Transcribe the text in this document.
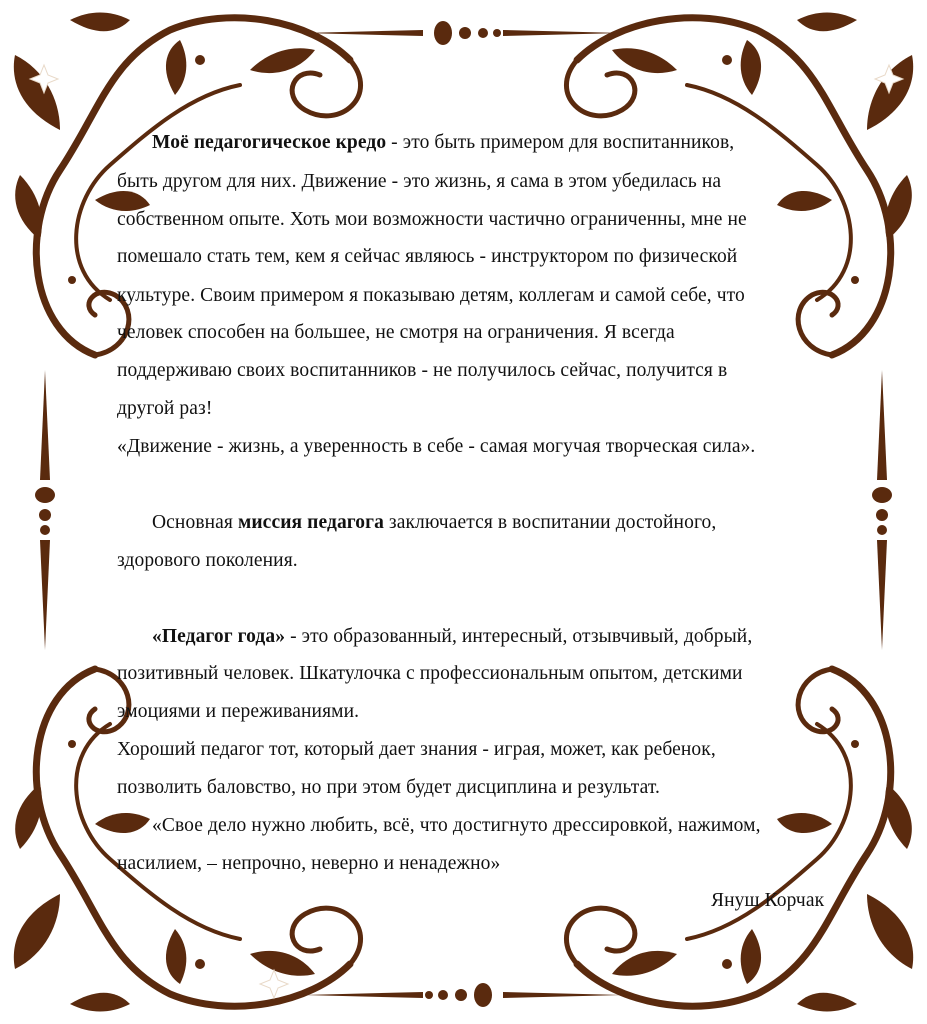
Моё педагогическое кредо - это быть примером для воспитанников,
быть другом для них. Движение - это жизнь, я сама в этом убедилась на
собственном опыте. Хоть мои возможности частично ограниченны, мне не
помешало стать тем, кем я сейчас являюсь - инструктором по физической
культуре. Своим примером я показываю детям, коллегам и самой себе, что
человек способен на большее, не смотря на ограничения. Я всегда
поддерживаю своих воспитанников - не получилось сейчас, получится в
другой раз!
«Движение - жизнь, а уверенность в себе - самая могучая творческая сила».
Основная миссия педагога заключается в воспитании достойного,
здорового поколения.
«Педагог года» - это образованный, интересный, отзывчивый, добрый,
позитивный человек. Шкатулочка с профессиональным опытом, детскими
эмоциями и переживаниями.
Хороший педагог тот, который дает знания - играя, может, как ребенок,
позволить баловство, но при этом будет дисциплина и результат.
«Свое дело нужно любить, всё, что достигнуто дрессировкой, нажимом,
насилием, – непрочно, неверно и ненадежно»
Януш Корчак
